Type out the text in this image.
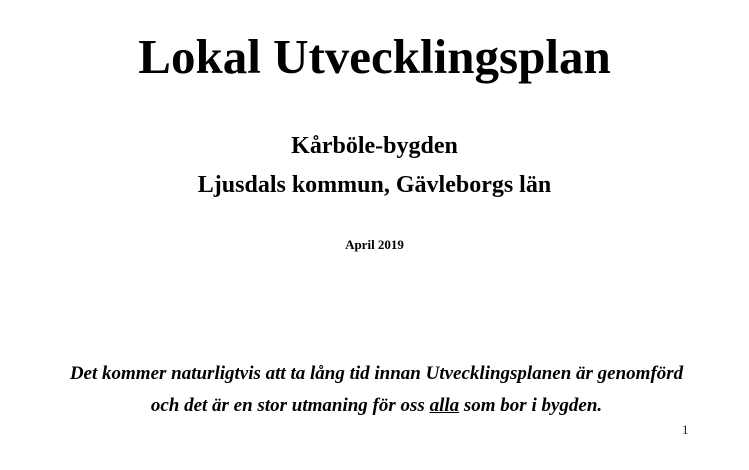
Lokal Utvecklingsplan
Kårböle-bygden
Ljusdals kommun, Gävleborgs län
April 2019
Det kommer naturligtvis att ta lång tid innan Utvecklingsplanen är genomförd
och det är en stor utmaning för oss alla som bor i bygden.
1
